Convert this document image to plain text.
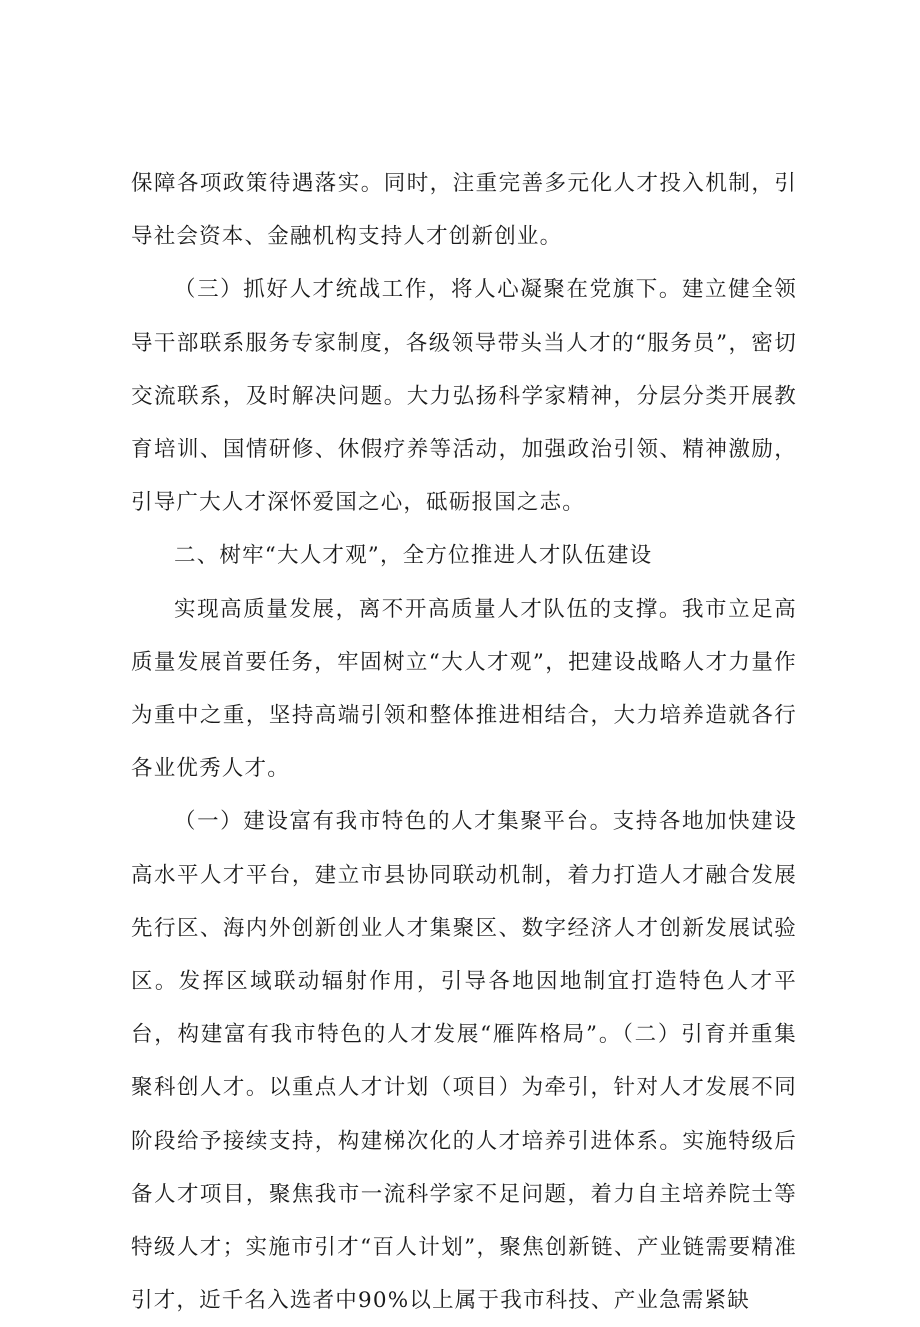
保障各项政策待遇落实。同时，注重完善多元化人才投入机制，引导社会资本、金融机构支持人才创新创业。

（三）抓好人才统战工作，将人心凝聚在党旗下。建立健全领导干部联系服务专家制度，各级领导带头当人才的“服务员”，密切交流联系，及时解决问题。大力弘扬科学家精神，分层分类开展教育培训、国情研修、休假疗养等活动，加强政治引领、精神激励，引导广大人才深怀爱国之心，砥砺报国之志。

二、树牢“大人才观”，全方位推进人才队伍建设

实现高质量发展，离不开高质量人才队伍的支撑。我市立足高质量发展首要任务，牢固树立“大人才观”，把建设战略人才力量作为重中之重，坚持高端引领和整体推进相结合，大力培养造就各行各业优秀人才。

（一）建设富有我市特色的人才集聚平台。支持各地加快建设高水平人才平台，建立市县协同联动机制，着力打造人才融合发展先行区、海内外创新创业人才集聚区、数字经济人才创新发展试验区。发挥区域联动辐射作用，引导各地因地制宜打造特色人才平台，构建富有我市特色的人才发展“雁阵格局”。（二）引育并重集聚科创人才。以重点人才计划（项目）为牵引，针对人才发展不同阶段给予接续支持，构建梯次化的人才培养引进体系。实施特级后备人才项目，聚焦我市一流科学家不足问题，着力自主培养院士等特级人才；实施市引才“百人计划”，聚焦创新链、产业链需要精准引才，近千名入选者中90%以上属于我市科技、产业急需紧缺
